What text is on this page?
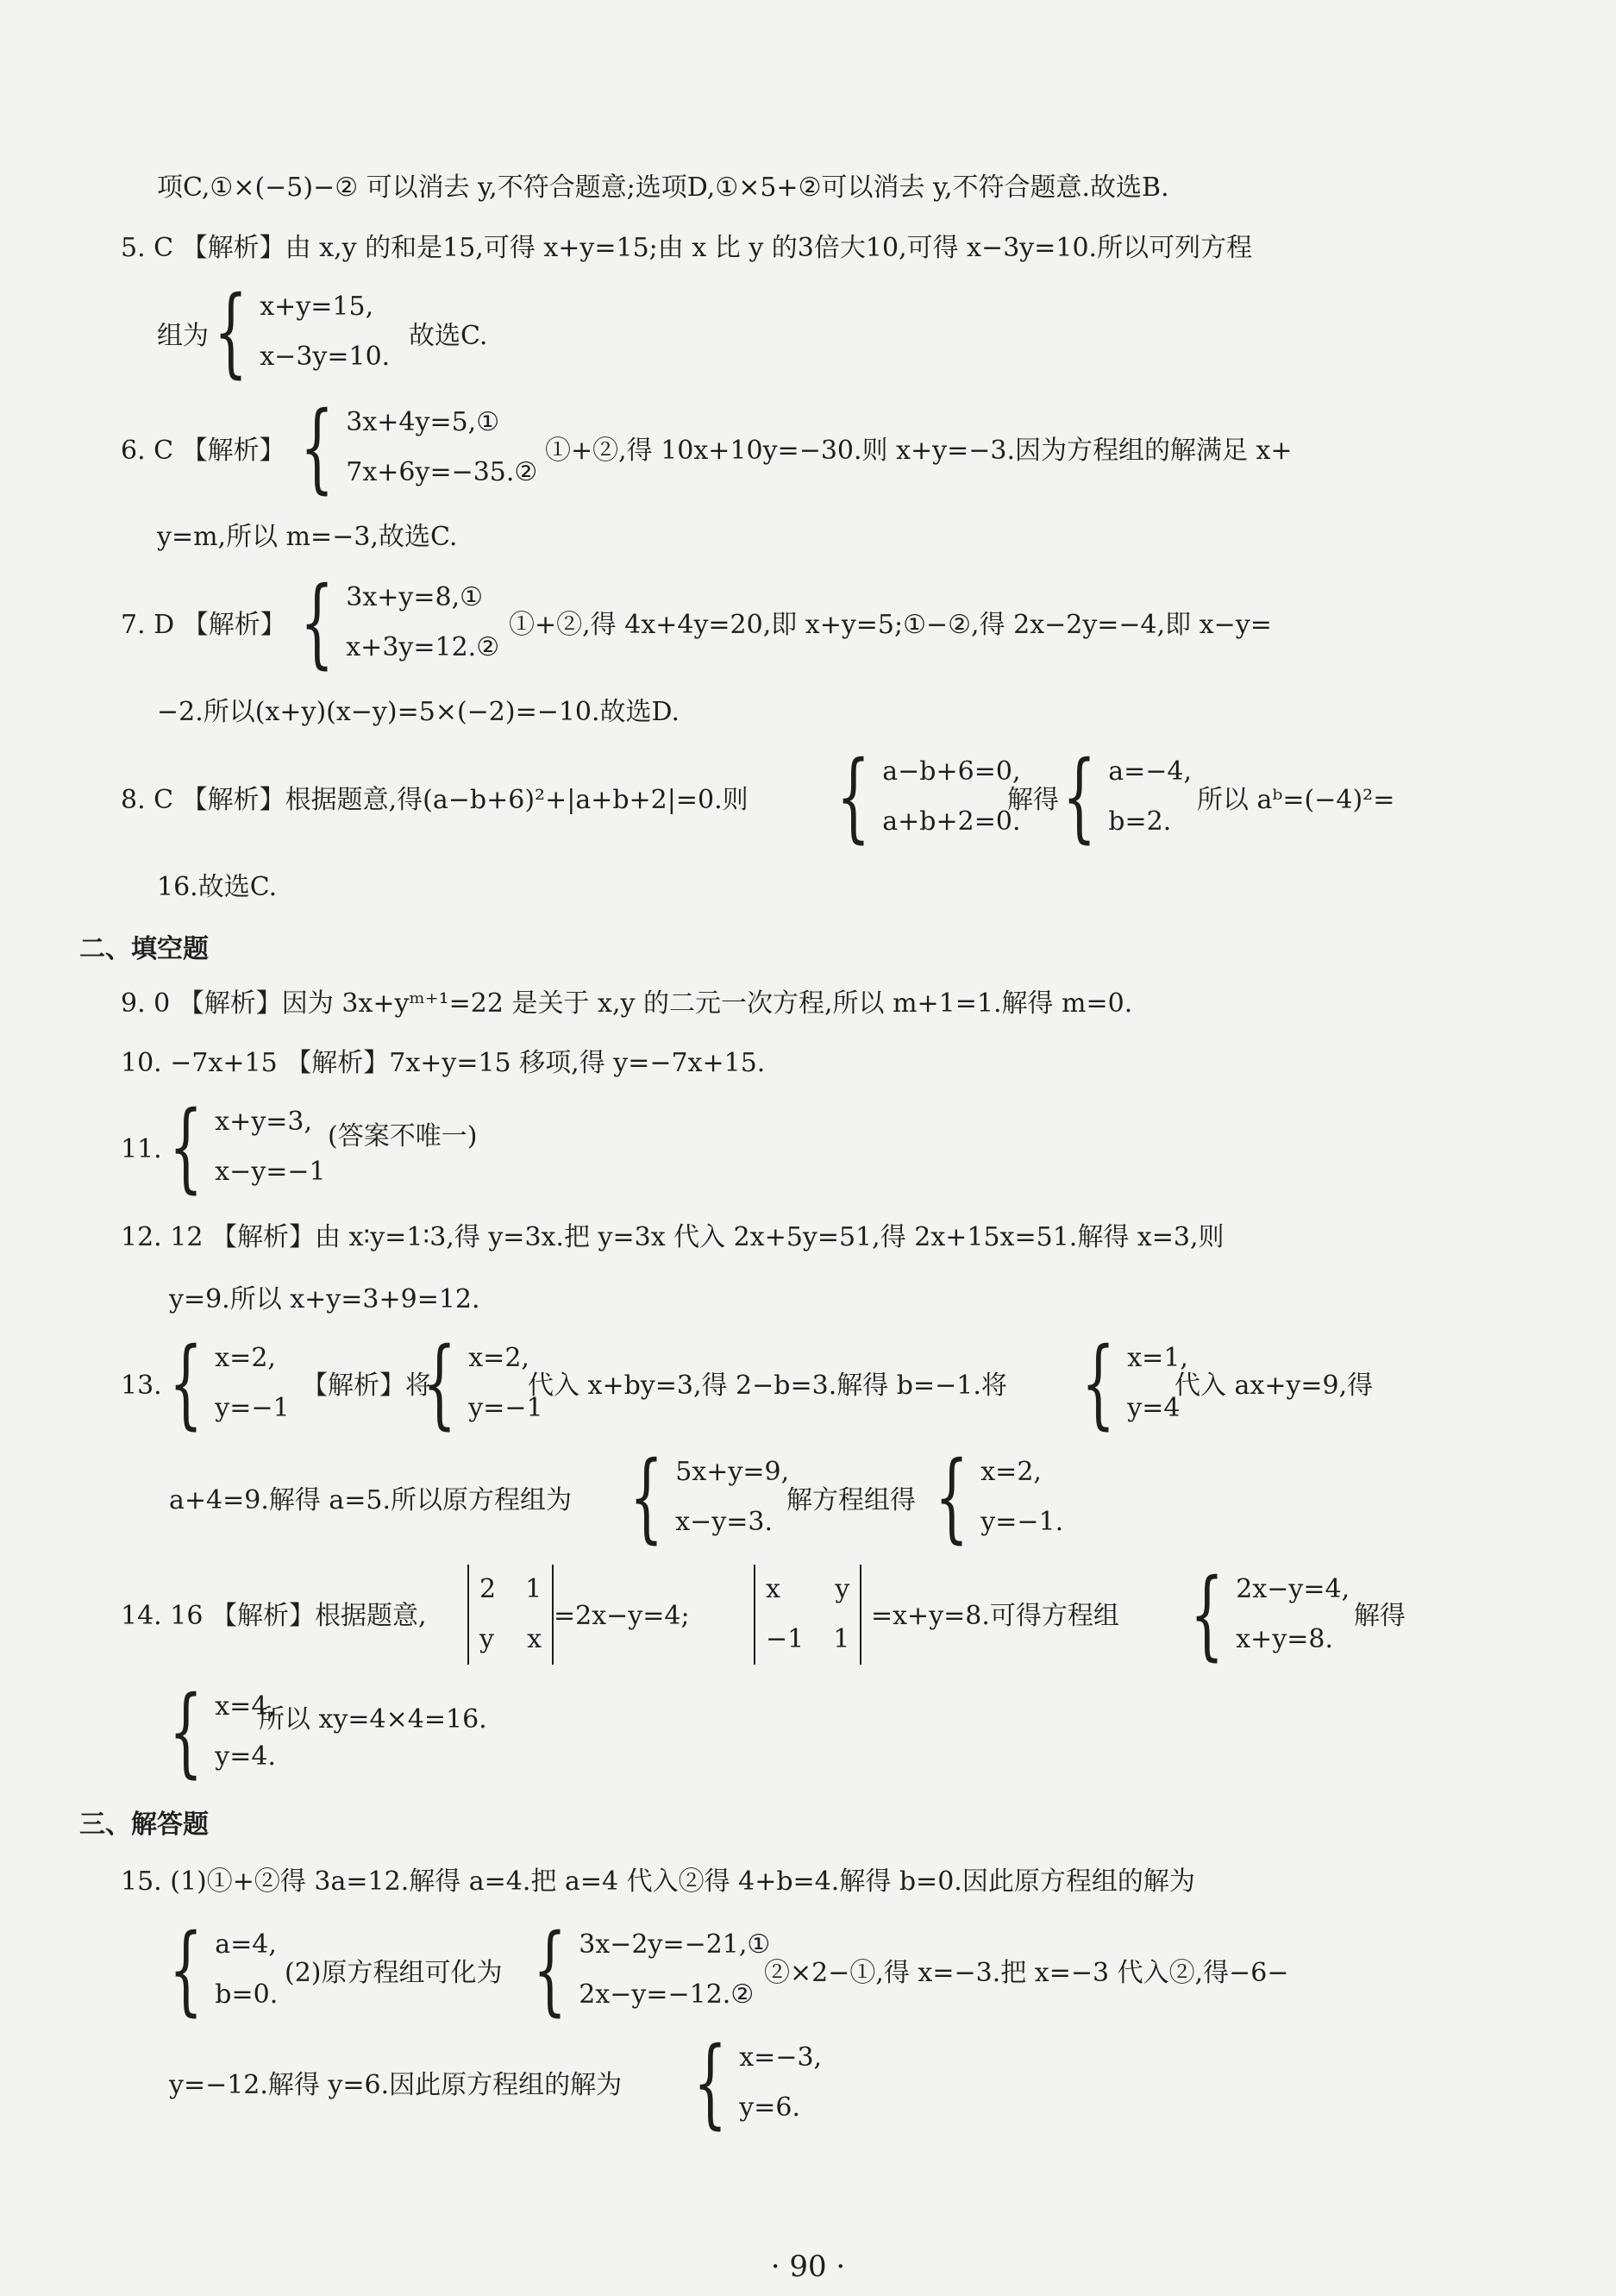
项C,①×(−5)−② 可以消去 y,不符合题意;选项D,①×5+②可以消去 y,不符合题意.故选B.
5. C 【解析】由 x,y 的和是15,可得 x+y=15;由 x 比 y 的3倍大10,可得 x−3y=10.所以可列方程
组为 { x+y=15,
x−3y=10.
故选C.
6. C 【解析】 { 3x+4y=5,①
7x+6y=−35.②
①+②,得 10x+10y=−30.则 x+y=−3.因为方程组的解满足 x+
y=m,所以 m=−3,故选C.
7. D 【解析】 { 3x+y=8,①
x+3y=12.②
①+②,得 4x+4y=20,即 x+y=5;①−②,得 2x−2y=−4,即 x−y=
−2.所以(x+y)(x−y)=5×(−2)=−10.故选D.
8. C 【解析】根据题意,得(a−b+6)²+|a+b+2|=0.则 { a−b+6=0,
a+b+2=0.
解得 { a=−4,
b=2.
所以 aᵇ=(−4)²=
16.故选C.
二、填空题
9. 0 【解析】因为 3x+yᵐ⁺¹=22 是关于 x,y 的二元一次方程,所以 m+1=1.解得 m=0.
10. −7x+15 【解析】7x+y=15 移项,得 y=−7x+15.
11. { x+y=3,
x−y=−1
(答案不唯一)
12. 12 【解析】由 x∶y=1∶3,得 y=3x.把 y=3x 代入 2x+5y=51,得 2x+15x=51.解得 x=3,则
y=9.所以 x+y=3+9=12.
13. { x=2,
y=−1
【解析】将
{ x=2,
y=−1
代入 x+by=3,得 2−b=3.解得 b=−1.将 { x=1,
y=4
代入 ax+y=9,得
a+4=9.解得 a=5.所以原方程组为 { 5x+y=9,
x−y=3.
解方程组得 { x=2,
y=−1.
14. 16 【解析】根据题意,
2 1
y x
=2x−y=4;
x y
−1 1
=x+y=8.可得方程组 { 2x−y=4,
x+y=8.
解得
{ x=4,
y=4.
所以 xy=4×4=16.
三、解答题
15. (1)①+②得 3a=12.解得 a=4.把 a=4 代入②得 4+b=4.解得 b=0.因此原方程组的解为
{ a=4,
b=0.
(2)原方程组可化为 { 3x−2y=−21,①
2x−y=−12.②
②×2−①,得 x=−3.把 x=−3 代入②,得−6−
y=−12.解得 y=6.因此原方程组的解为 { x=−3,
y=6.
· 90 ·
